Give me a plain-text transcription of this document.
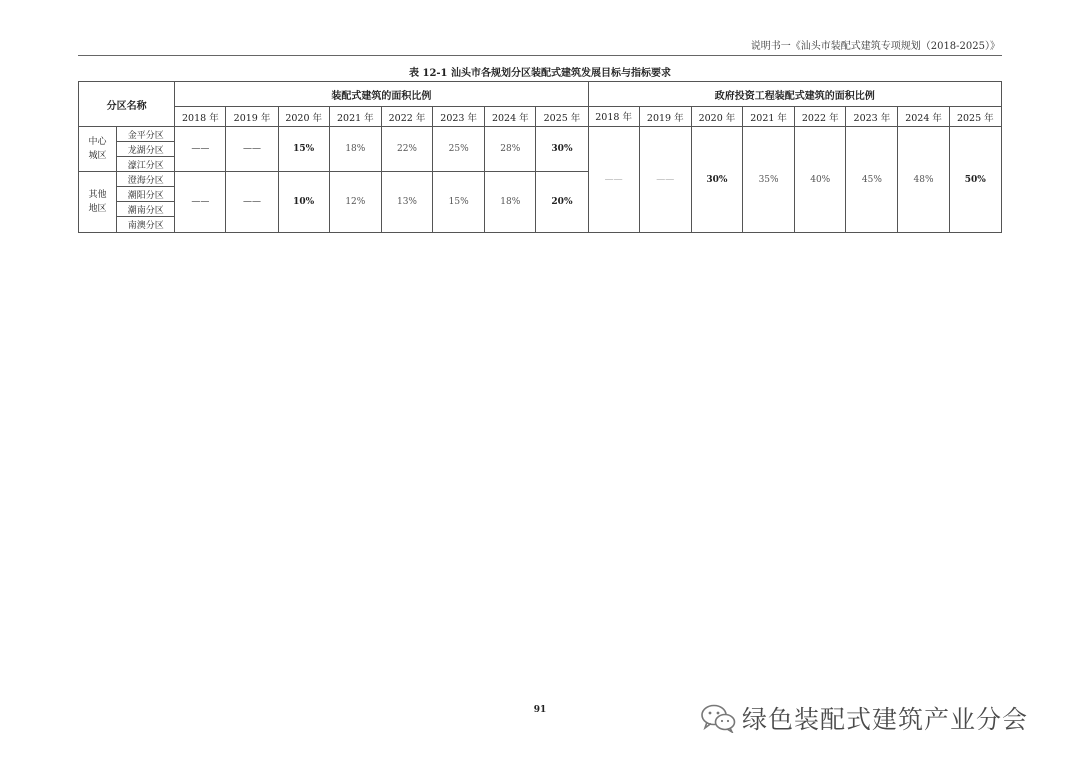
说明书一《汕头市装配式建筑专项规划（2018-2025）》
表 12-1 汕头市各规划分区装配式建筑发展目标与指标要求
分区名称		装配式建筑的面积比例								政府投资工程装配式建筑的面积比例							
		2018 年	2019 年	2020 年	2021 年	2022 年	2023 年	2024 年	2025 年	2018 年	2019 年	2020 年	2021 年	2022 年	2023 年	2024 年	2025 年
中心
城区	金平分区	——	——	15%	18%	22%	25%	28%	30%	——	——	30%	35%	40%	45%	48%	50%
	龙湖分区																
	濠江分区																
其他
地区	澄海分区	——	——	10%	12%	13%	15%	18%	20%								
	潮阳分区																
	潮南分区																
	南澳分区																
91	绿色装配式建筑产业分会
